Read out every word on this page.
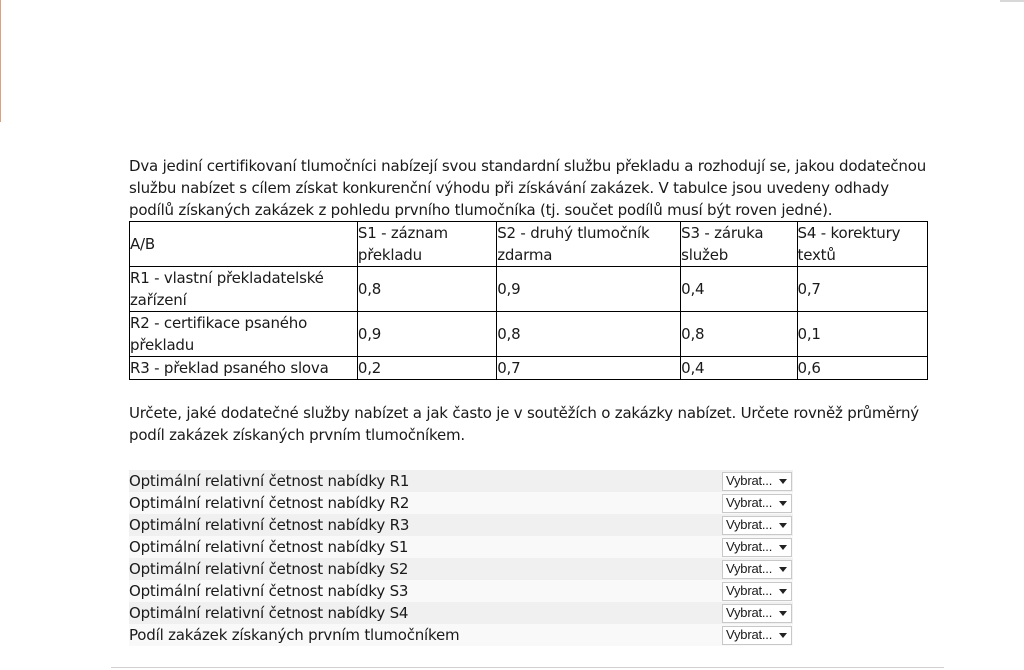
Dva jediní certifikovaní tlumočníci nabízejí svou standardní službu překladu a rozhodují se, jakou dodatečnou službu nabízet s cílem získat konkurenční výhodu při získávání zakázek. V tabulce jsou uvedeny odhady podílů získaných zakázek z pohledu prvního tlumočníka (tj. součet podílů musí být roven jedné).

A/B	S1 - záznam překladu	S2 - druhý tlumočník zdarma	S3 - záruka služeb	S4 - korektury textů
R1 - vlastní překladatelské zařízení	0,8	0,9	0,4	0,7
R2 - certifikace psaného překladu	0,9	0,8	0,8	0,1
R3 - překlad psaného slova	0,2	0,7	0,4	0,6

Určete, jaké dodatečné služby nabízet a jak často je v soutěžích o zakázky nabízet. Určete rovněž průměrný podíl zakázek získaných prvním tlumočníkem.

Optimální relativní četnost nabídky R1	Vybrat...
Optimální relativní četnost nabídky R2	Vybrat...
Optimální relativní četnost nabídky R3	Vybrat...
Optimální relativní četnost nabídky S1	Vybrat...
Optimální relativní četnost nabídky S2	Vybrat...
Optimální relativní četnost nabídky S3	Vybrat...
Optimální relativní četnost nabídky S4	Vybrat...
Podíl zakázek získaných prvním tlumočníkem	Vybrat...
